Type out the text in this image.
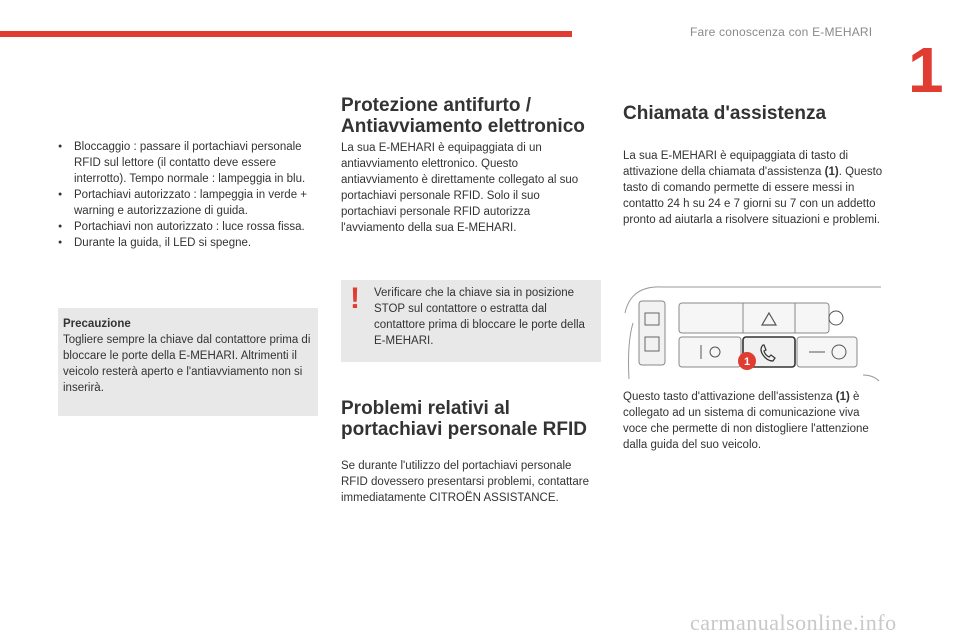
Fare conoscenza con E-MEHARI
1
● Bloccaggio : passare il portachiavi personale RFID sul lettore (il contatto deve essere interrotto). Tempo normale : lampeggia in blu.
● Portachiavi autorizzato : lampeggia in verde + warning e autorizzazione di guida.
● Portachiavi non autorizzato : luce rossa fissa.
● Durante la guida, il LED si spegne.
Precauzione
Togliere sempre la chiave dal contattore prima di bloccare le porte della E-MEHARI. Altrimenti il veicolo resterà aperto e l'antiavviamento non si inserirà.
Protezione antifurto / Antiavviamento elettronico

La sua E-MEHARI è equipaggiata di un antiavviamento elettronico. Questo antiavviamento è direttamente collegato al suo portachiavi personale RFID. Solo il suo portachiavi personale RFID autorizza l'avviamento della sua E-MEHARI.

! Verificare che la chiave sia in posizione STOP sul contattore o estratta dal contattore prima di bloccare le porte della E-MEHARI.
Problemi relativi al portachiavi personale RFID

Se durante l'utilizzo del portachiavi personale RFID dovessero presentarsi problemi, contattare immediatamente CITROËN ASSISTANCE.

Chiamata d'assistenza

La sua E-MEHARI è equipaggiata di tasto di attivazione della chiamata d'assistenza (1). Questo tasto di comando permette di essere messi in contatto 24 h su 24 e 7 giorni su 7 con un addetto pronto ad aiutarla a risolvere situazioni e problemi.

1

Questo tasto d'attivazione dell'assistenza (1) è collegato ad un sistema di comunicazione viva voce che permette di non distogliere l'attenzione dalla guida del suo veicolo.

carmanualsonline.info
